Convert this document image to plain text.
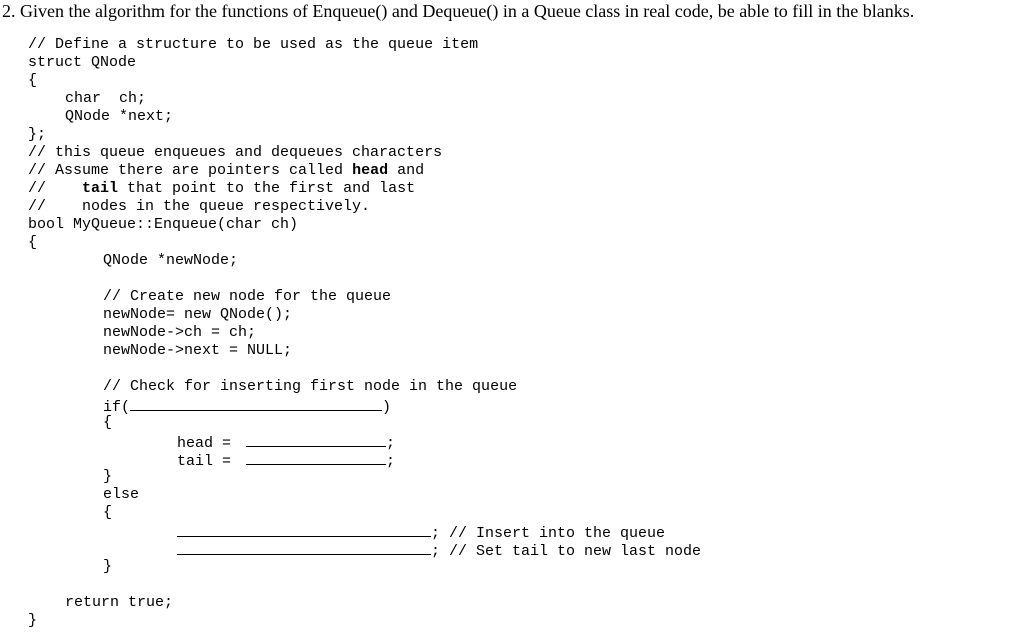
2. Given the algorithm for the functions of Enqueue() and Dequeue() in a Queue class in real code, be able to fill in the blanks.
// Define a structure to be used as the queue item
struct QNode
{
char  ch;
QNode *next;
};
// this queue enqueues and dequeues characters
// Assume there are pointers called head and
//    tail that point to the first and last
//    nodes in the queue respectively.
bool MyQueue::Enqueue(char ch)
{
QNode *newNode;
// Create new node for the queue
newNode= new QNode();
newNode->ch = ch;
newNode->next = NULL;
// Check for inserting first node in the queue
if(	)
{
head =	;
tail =	;
}
else
{
; // Insert into the queue
; // Set tail to new last node
}
return true;
}
